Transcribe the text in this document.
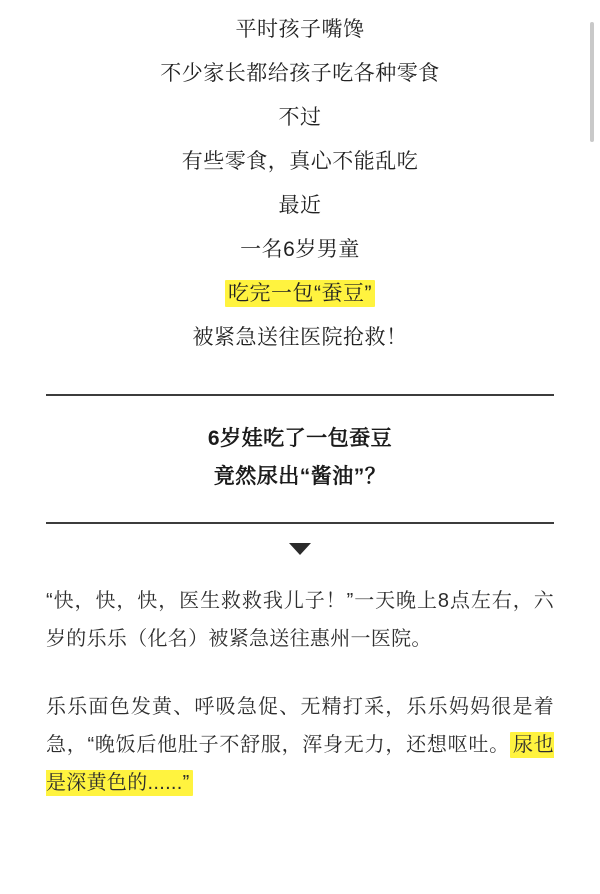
平时孩子嘴馋
不少家长都给孩子吃各种零食
不过
有些零食，真心不能乱吃
最近
一名6岁男童
吃完一包“蚕豆”
被紧急送往医院抢救！
6岁娃吃了一包蚕豆
竟然尿出“酱油”？

“快，快，快，医生救救我儿子！”一天晚上8点左右，六岁的乐乐（化名）被紧急送往惠州一医院。

乐乐面色发黄、呼吸急促、无精打采，乐乐妈妈很是着急，“晚饭后他肚子不舒服，浑身无力，还想呕吐。 尿也是深黄色的......”
